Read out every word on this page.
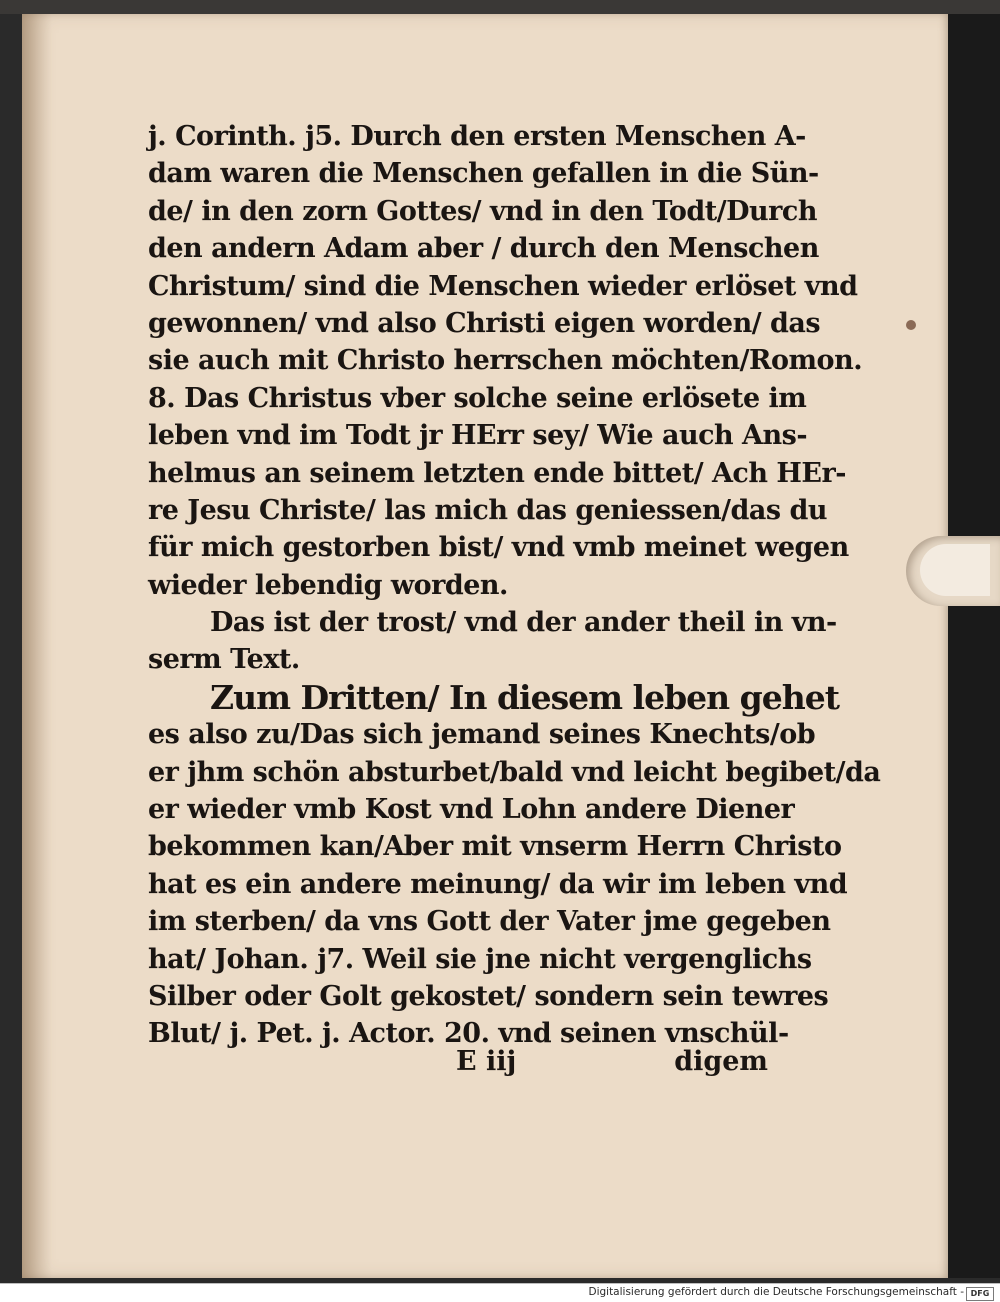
j. Corinth. j5. Durch den ersten Menschen A-
dam waren die Menschen gefallen in die Sün-
de/ in den zorn Gottes/ vnd in den Todt/Durch
den andern Adam aber / durch den Menschen
Christum/ sind die Menschen wieder erlöset vnd
gewonnen/ vnd also Christi eigen worden/ das
sie auch mit Christo herrschen möchten/Romon.
8. Das Christus vber solche seine erlösete im
leben vnd im Todt jr HErr sey/ Wie auch Ans-
helmus an seinem letzten ende bittet/ Ach HEr-
re Jesu Christe/ las mich das geniessen/das du
für mich gestorben bist/ vnd vmb meinet wegen
wieder lebendig worden.
Das ist der trost/ vnd der ander theil in vn-
serm Text.
Zum Dritten/ In diesem leben gehet
es also zu/Das sich jemand seines Knechts/ob
er jhm schön absturbet/bald vnd leicht begibet/da
er wieder vmb Kost vnd Lohn andere Diener
bekommen kan/Aber mit vnserm Herrn Christo
hat es ein andere meinung/ da wir im leben vnd
im sterben/ da vns Gott der Vater jme gegeben
hat/ Johan. j7. Weil sie jne nicht vergenglichs
Silber oder Golt gekostet/ sondern sein tewres
Blut/ j. Pet. j. Actor. 20. vnd seinen vnschül-
E iij	digem
Digitalisierung gefördert durch die Deutsche Forschungsgemeinschaft - DFG
